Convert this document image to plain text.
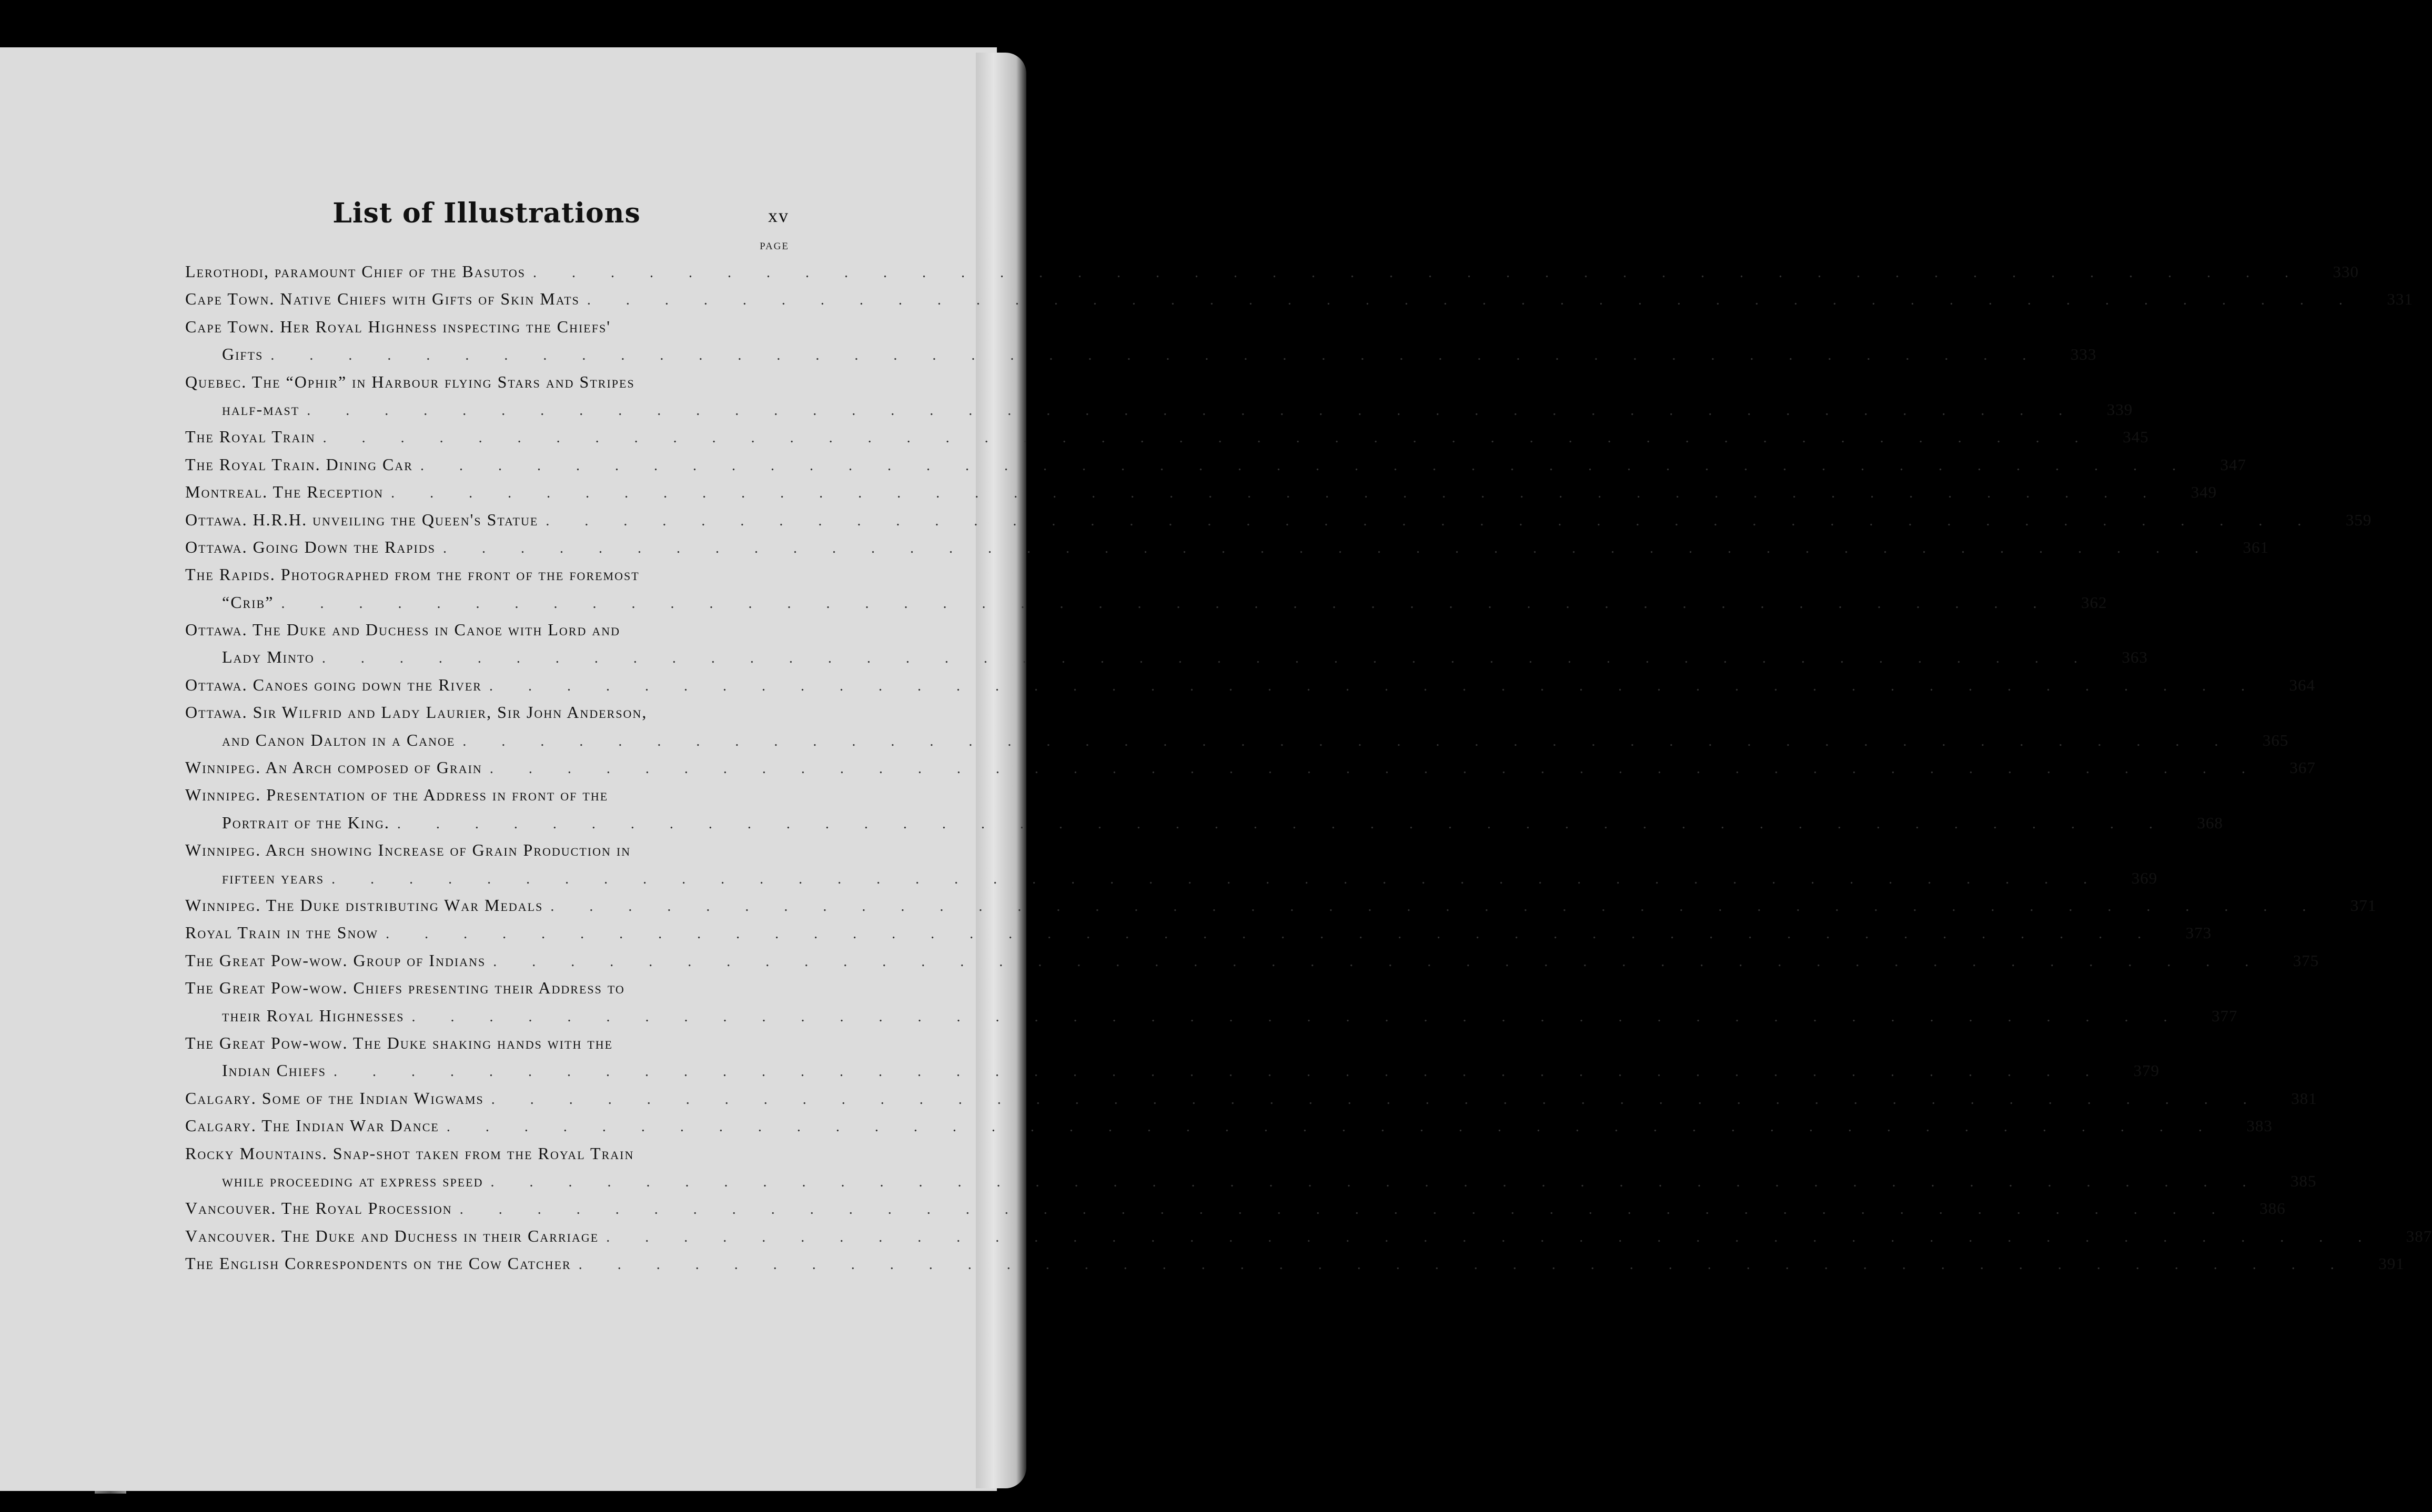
List of Illustrations	xv
PAGE
Lerothodi, paramount Chief of the Basutos . . . . . . . . . . . . . . . . . . . . . . . . . . . . . . . . . . . . . . . . . . . . . .	330
Cape Town. Native Chiefs with Gifts of Skin Mats . . . . . . . . . . . . . . . . . . . . . . . . . . . . . . . . . . . . . . . . . . . . . .	331
Cape Town. Her Royal Highness inspecting the Chiefs'
Gifts . . . . . . . . . . . . . . . . . . . . . . . . . . . . . . . . . . . . . . . . . . . . . .	333
Quebec. The “Ophir” in Harbour flying Stars and Stripes
half-mast . . . . . . . . . . . . . . . . . . . . . . . . . . . . . . . . . . . . . . . . . . . . . .	339
The Royal Train . . . . . . . . . . . . . . . . . . . . . . . . . . . . . . . . . . . . . . . . . . . . . .	345
The Royal Train. Dining Car . . . . . . . . . . . . . . . . . . . . . . . . . . . . . . . . . . . . . . . . . . . . . .	347
Montreal. The Reception . . . . . . . . . . . . . . . . . . . . . . . . . . . . . . . . . . . . . . . . . . . . . .	349
Ottawa. H.R.H. unveiling the Queen's Statue . . . . . . . . . . . . . . . . . . . . . . . . . . . . . . . . . . . . . . . . . . . . . .	359
Ottawa. Going Down the Rapids . . . . . . . . . . . . . . . . . . . . . . . . . . . . . . . . . . . . . . . . . . . . . .	361
The Rapids. Photographed from the front of the foremost
“Crib” . . . . . . . . . . . . . . . . . . . . . . . . . . . . . . . . . . . . . . . . . . . . . .	362
Ottawa. The Duke and Duchess in Canoe with Lord and
Lady Minto . . . . . . . . . . . . . . . . . . . . . . . . . . . . . . . . . . . . . . . . . . . . . .	363
Ottawa. Canoes going down the River . . . . . . . . . . . . . . . . . . . . . . . . . . . . . . . . . . . . . . . . . . . . . .	364
Ottawa. Sir Wilfrid and Lady Laurier, Sir John Anderson,
and Canon Dalton in a Canoe . . . . . . . . . . . . . . . . . . . . . . . . . . . . . . . . . . . . . . . . . . . . . .	365
Winnipeg. An Arch composed of Grain . . . . . . . . . . . . . . . . . . . . . . . . . . . . . . . . . . . . . . . . . . . . . .	367
Winnipeg. Presentation of the Address in front of the
Portrait of the King. . . . . . . . . . . . . . . . . . . . . . . . . . . . . . . . . . . . . . . . . . . . . . .	368
Winnipeg. Arch showing Increase of Grain Production in
fifteen years . . . . . . . . . . . . . . . . . . . . . . . . . . . . . . . . . . . . . . . . . . . . . .	369
Winnipeg. The Duke distributing War Medals . . . . . . . . . . . . . . . . . . . . . . . . . . . . . . . . . . . . . . . . . . . . . .	371
Royal Train in the Snow . . . . . . . . . . . . . . . . . . . . . . . . . . . . . . . . . . . . . . . . . . . . . .	373
The Great Pow-wow. Group of Indians . . . . . . . . . . . . . . . . . . . . . . . . . . . . . . . . . . . . . . . . . . . . . .	375
The Great Pow-wow. Chiefs presenting their Address to
their Royal Highnesses . . . . . . . . . . . . . . . . . . . . . . . . . . . . . . . . . . . . . . . . . . . . . .	377
The Great Pow-wow. The Duke shaking hands with the
Indian Chiefs . . . . . . . . . . . . . . . . . . . . . . . . . . . . . . . . . . . . . . . . . . . . . .	379
Calgary. Some of the Indian Wigwams . . . . . . . . . . . . . . . . . . . . . . . . . . . . . . . . . . . . . . . . . . . . . .	381
Calgary. The Indian War Dance . . . . . . . . . . . . . . . . . . . . . . . . . . . . . . . . . . . . . . . . . . . . . .	383
Rocky Mountains. Snap-shot taken from the Royal Train
while proceeding at express speed . . . . . . . . . . . . . . . . . . . . . . . . . . . . . . . . . . . . . . . . . . . . . .	385
Vancouver. The Royal Procession . . . . . . . . . . . . . . . . . . . . . . . . . . . . . . . . . . . . . . . . . . . . . .	386
Vancouver. The Duke and Duchess in their Carriage . . . . . . . . . . . . . . . . . . . . . . . . . . . . . . . . . . . . . . . . . . . . . .	387
The English Correspondents on the Cow Catcher . . . . . . . . . . . . . . . . . . . . . . . . . . . . . . . . . . . . . . . . . . . . . .	391
